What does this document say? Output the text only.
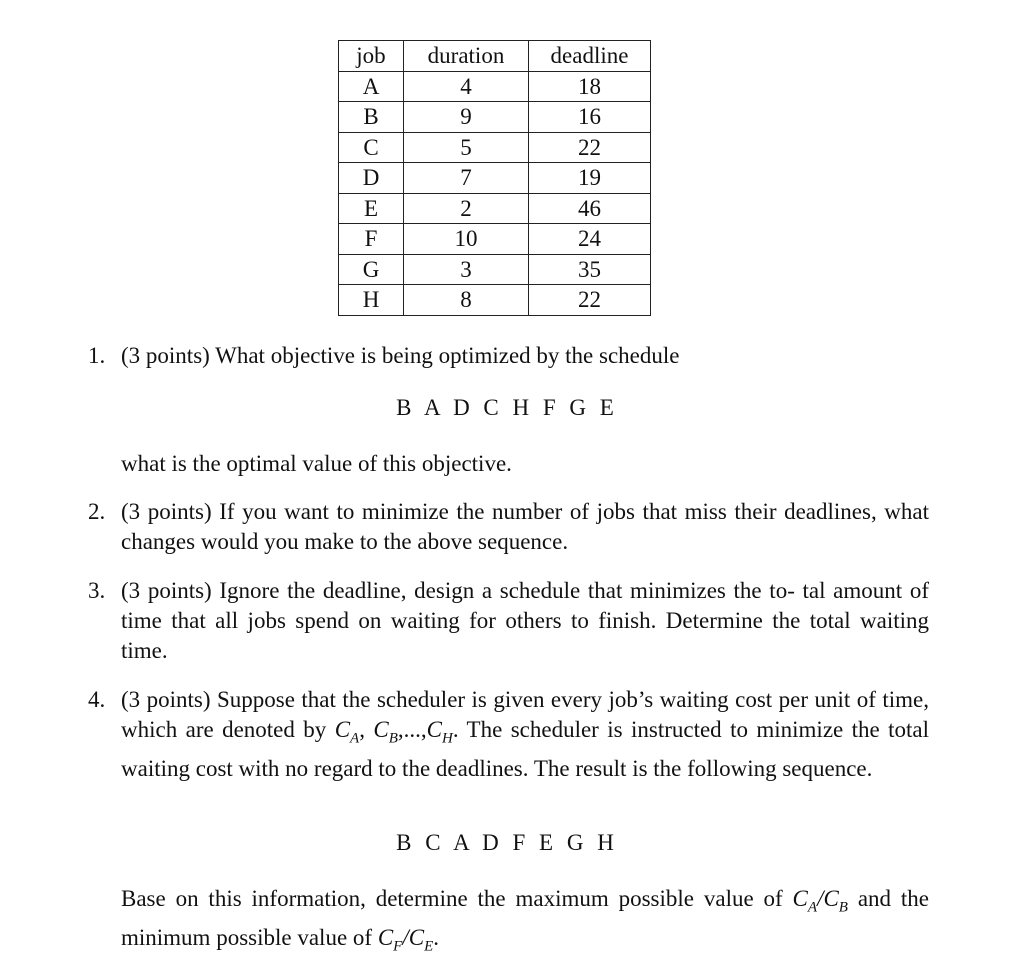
job	duration	deadline
A	4	18
B	9	16
C	5	22
D	7	19
E	2	46
F	10	24
G	3	35
H	8	22
1. (3 points) What objective is being optimized by the schedule
B A D C H F G E
what is the optimal value of this objective.
2. (3 points) If you want to minimize the number of jobs that miss their deadlines, what changes would you make to the above sequence.
3. (3 points) Ignore the deadline, design a schedule that minimizes the to- tal amount of time that all jobs spend on waiting for others to finish. Determine the total waiting time.
4. (3 points) Suppose that the scheduler is given every job’s waiting cost per unit of time, which are denoted by $C_A$, $C_B,...,C_H$. The scheduler is instructed to minimize the total waiting cost with no regard to the deadlines. The result is the following sequence.
B C A D F E G H
Base on this information, determine the maximum possible value of $C_A/C_B$ and the minimum possible value of $C_F/C_E$.
